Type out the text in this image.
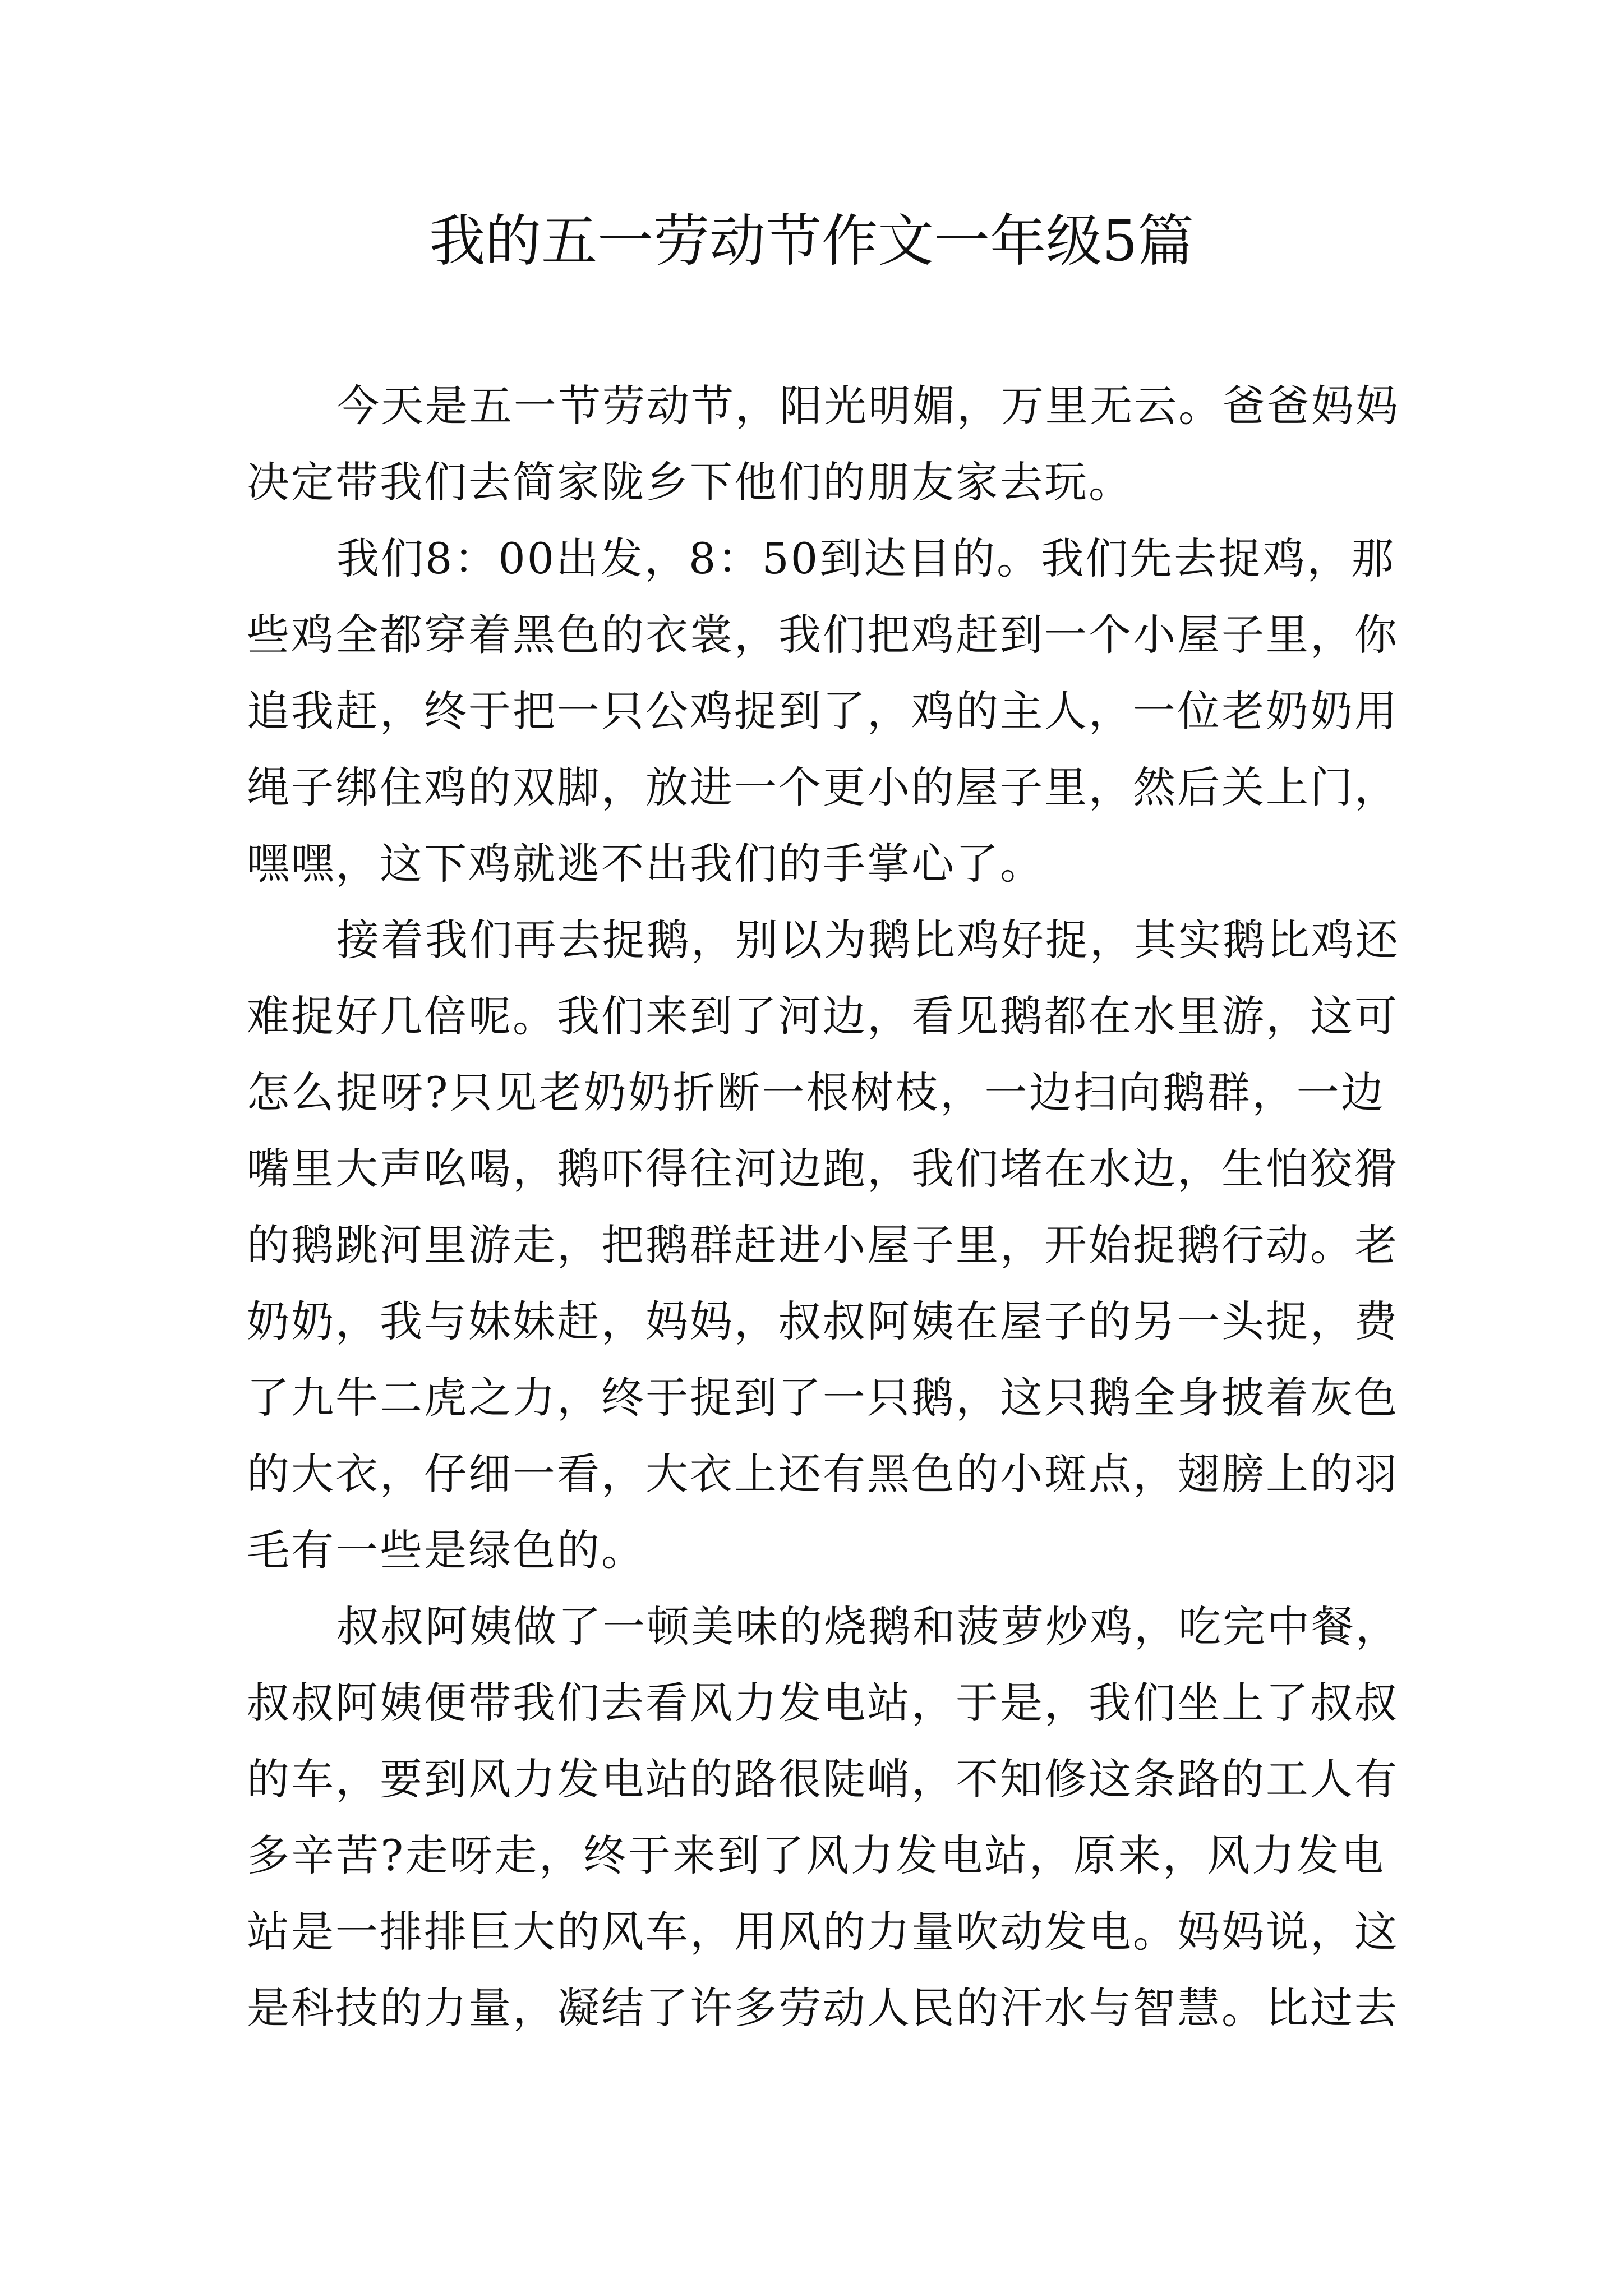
我的五一劳动节作文一年级5篇
今天是五一节劳动节，阳光明媚，万里无云。爸爸妈妈
决定带我们去简家陇乡下他们的朋友家去玩。
我们8：00出发，8：50到达目的。我们先去捉鸡，那
些鸡全都穿着黑色的衣裳，我们把鸡赶到一个小屋子里，你
追我赶，终于把一只公鸡捉到了，鸡的主人，一位老奶奶用
绳子绑住鸡的双脚，放进一个更小的屋子里，然后关上门，
嘿嘿，这下鸡就逃不出我们的手掌心了。
接着我们再去捉鹅，别以为鹅比鸡好捉，其实鹅比鸡还
难捉好几倍呢。我们来到了河边，看见鹅都在水里游，这可
怎么捉呀?只见老奶奶折断一根树枝，一边扫向鹅群，一边
嘴里大声吆喝，鹅吓得往河边跑，我们堵在水边，生怕狡猾
的鹅跳河里游走，把鹅群赶进小屋子里，开始捉鹅行动。老
奶奶，我与妹妹赶，妈妈，叔叔阿姨在屋子的另一头捉，费
了九牛二虎之力，终于捉到了一只鹅，这只鹅全身披着灰色
的大衣，仔细一看，大衣上还有黑色的小斑点，翅膀上的羽
毛有一些是绿色的。
叔叔阿姨做了一顿美味的烧鹅和菠萝炒鸡，吃完中餐，
叔叔阿姨便带我们去看风力发电站，于是，我们坐上了叔叔
的车，要到风力发电站的路很陡峭，不知修这条路的工人有
多辛苦?走呀走，终于来到了风力发电站，原来，风力发电
站是一排排巨大的风车，用风的力量吹动发电。妈妈说，这
是科技的力量，凝结了许多劳动人民的汗水与智慧。比过去
